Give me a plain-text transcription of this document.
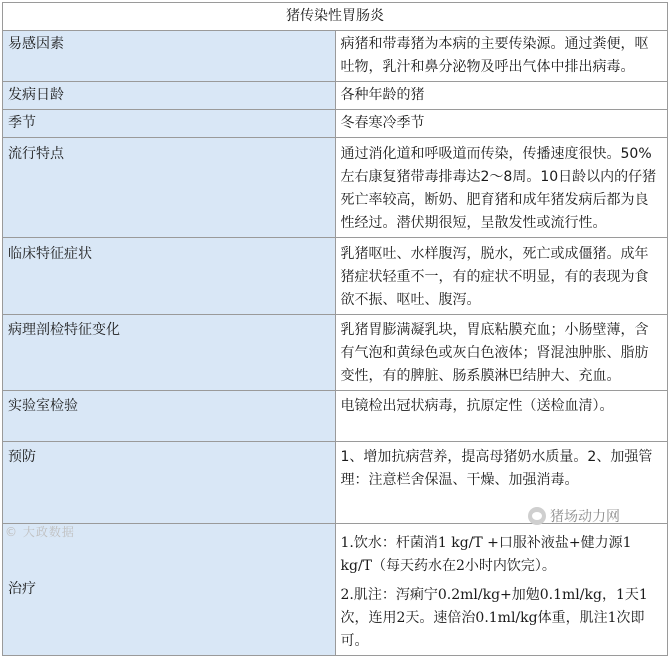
猪传染性胃肠炎	
易感因素	病猪和带毒猪为本病的主要传染源。通过粪便，呕吐物，乳汁和鼻分泌物及呼出气体中排出病毒。
发病日龄	各种年龄的猪
季节	冬春寒冷季节
流行特点	通过消化道和呼吸道而传染，传播速度很快。50%左右康复猪带毒排毒达2～8周。10日龄以内的仔猪死亡率较高，断奶、肥育猪和成年猪发病后都为良性经过。潜伏期很短，呈散发性或流行性。
临床特征症状	乳猪呕吐、水样腹泻，脱水，死亡或成僵猪。成年猪症状轻重不一，有的症状不明显，有的表现为食欲不振、呕吐、腹泻。
病理剖检特征变化	乳猪胃膨满凝乳块，胃底粘膜充血；小肠壁薄，含有气泡和黄绿色或灰白色液体；肾混浊肿胀、脂肪变性，有的脾脏、肠系膜淋巴结肿大、充血。
实验室检验	电镜检出冠状病毒，抗原定性（送检血清）。
预防	1、增加抗病营养，提高母猪奶水质量。2、加强管理：注意栏舍保温、干燥、加强消毒。
治疗	1.饮水：杆菌消1 kg/T +口服补液盐+健力源1 kg/T（每天药水在2小时内饮完）。
2.肌注：泻痢宁0.2ml/kg+加勉0.1ml/kg，1天1次，连用2天。速倍治0.1ml/kg体重，肌注1次即可。
© 大政数据
猪场动力网
